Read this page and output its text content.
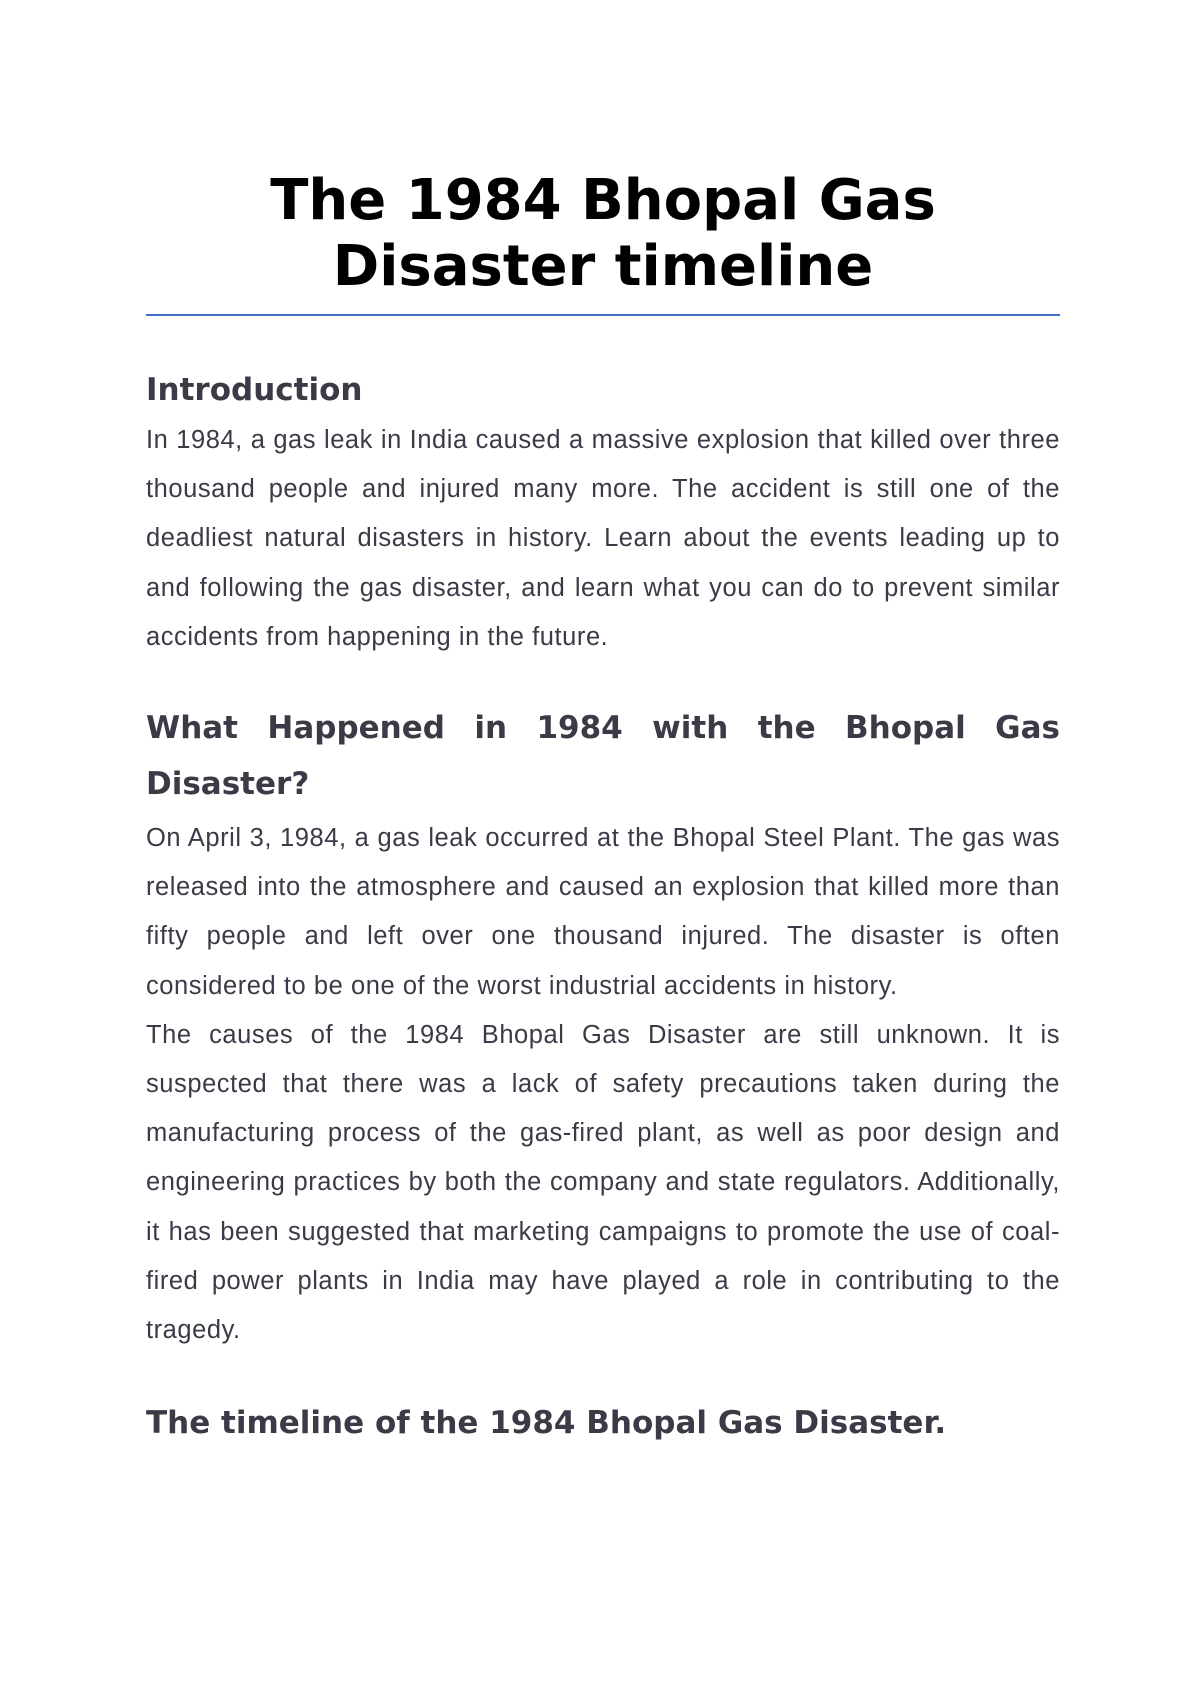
The 1984 Bhopal Gas Disaster timeline
Introduction

In 1984, a gas leak in India caused a massive explosion that killed over three thousand people and injured many more. The accident is still one of the deadliest natural disasters in history. Learn about the events leading up to and following the gas disaster, and learn what you can do to prevent similar accidents from happening in the future.

What Happened in 1984 with the Bhopal Gas Disaster?

On April 3, 1984, a gas leak occurred at the Bhopal Steel Plant. The gas was released into the atmosphere and caused an explosion that killed more than fifty people and left over one thousand injured. The disaster is often considered to be one of the worst industrial accidents in history.

The causes of the 1984 Bhopal Gas Disaster are still unknown. It is suspected that there was a lack of safety precautions taken during the manufacturing process of the gas-fired plant, as well as poor design and engineering practices by both the company and state regulators. Additionally, it has been suggested that marketing campaigns to promote the use of coal-fired power plants in India may have played a role in contributing to the tragedy.

The timeline of the 1984 Bhopal Gas Disaster.
